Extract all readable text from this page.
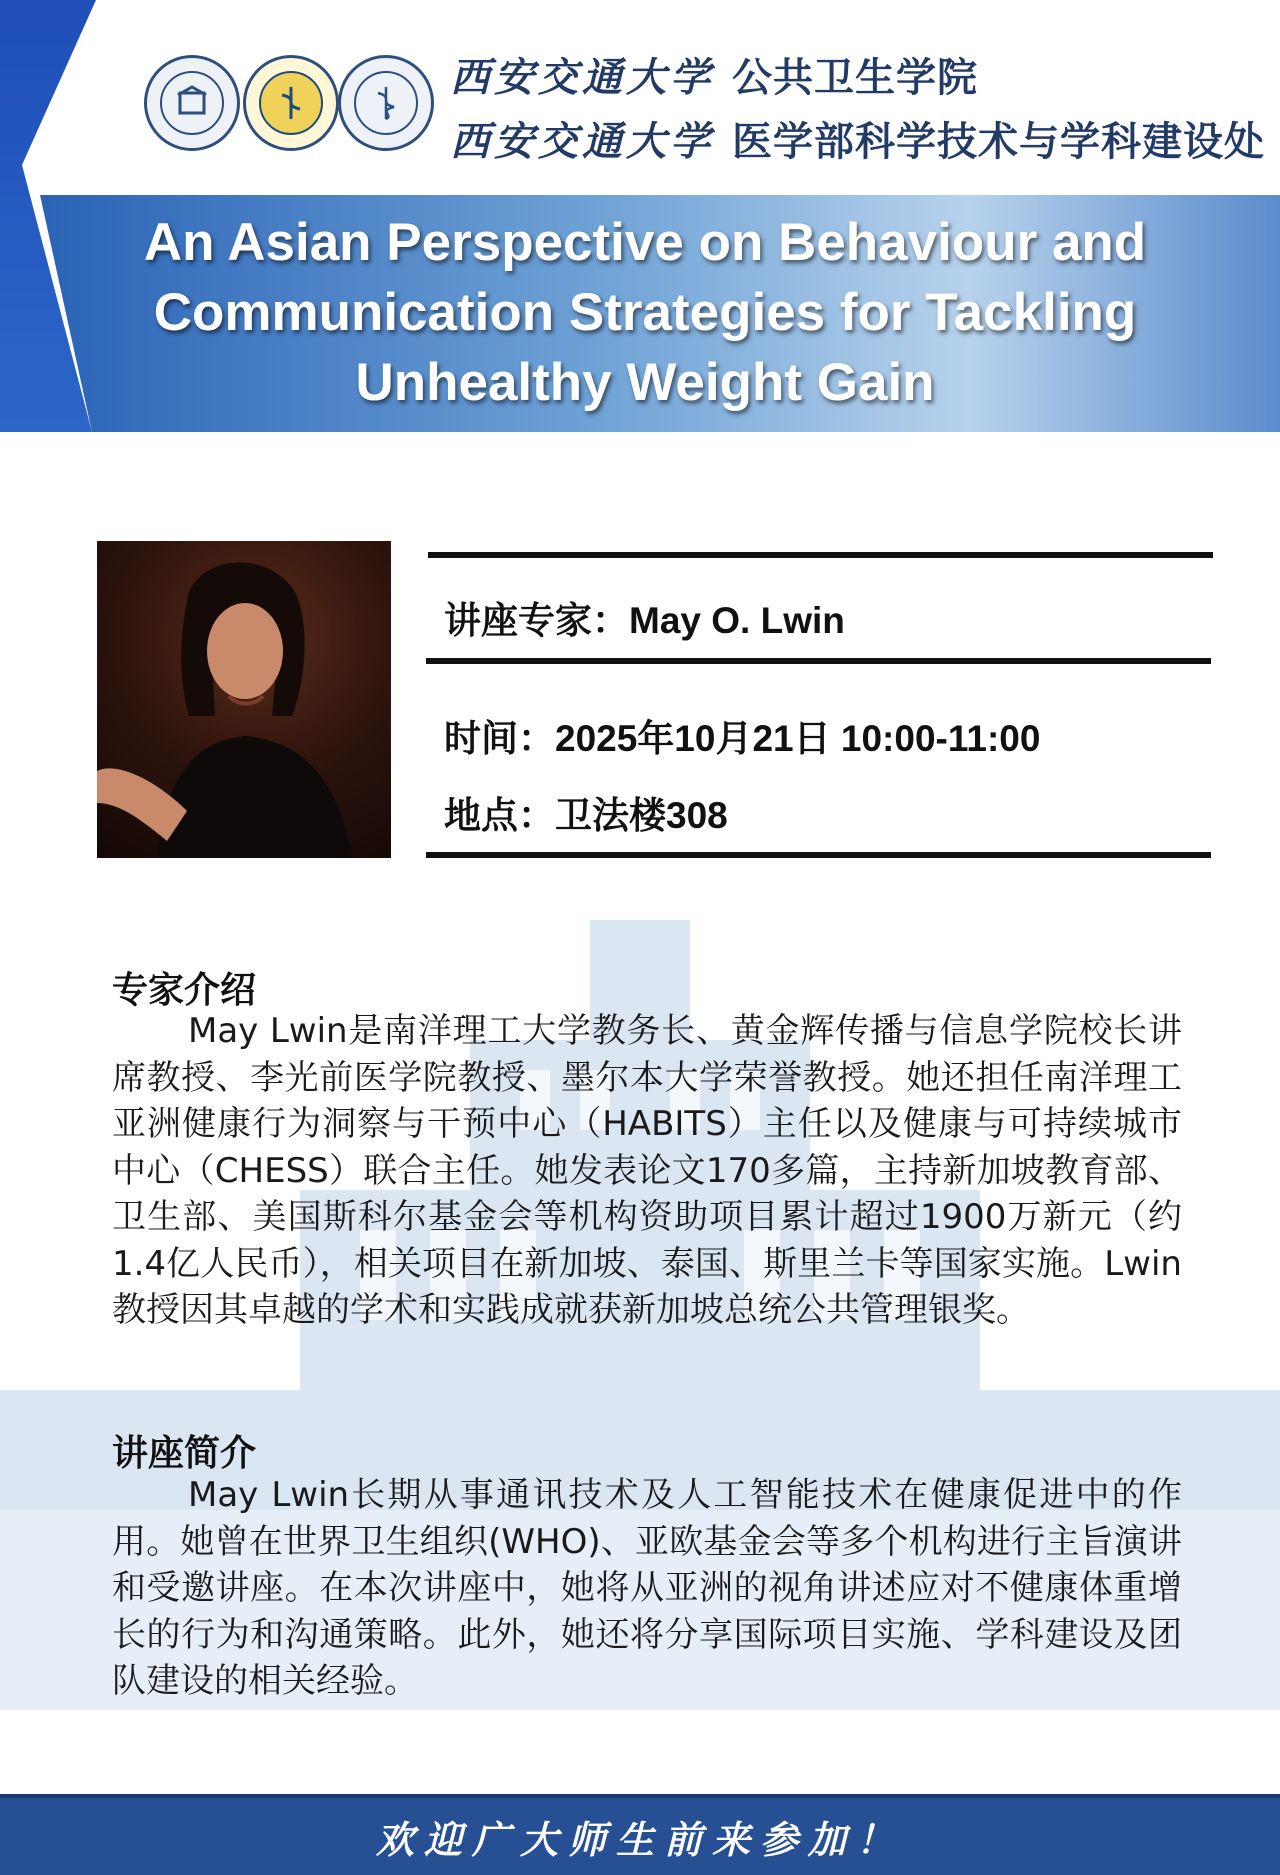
西安交通大学 公共卫生学院
西安交通大学 医学部科学技术与学科建设处
An Asian Perspective on Behaviour and
Communication Strategies for Tackling
Unhealthy Weight Gain
讲座专家：May O. Lwin
时间：2025年10月21日 10:00-11:00
地点：卫法楼308
专家介绍
May Lwin是南洋理工大学教务长、黄金辉传播与信息学院校长讲席教授、李光前医学院教授、墨尔本大学荣誉教授。她还担任南洋理工亚洲健康行为洞察与干预中心（HABITS）主任以及健康与可持续城市中心（CHESS）联合主任。她发表论文170多篇，主持新加坡教育部、卫生部、美国斯科尔基金会等机构资助项目累计超过1900万新元（约1.4亿人民币），相关项目在新加坡、泰国、斯里兰卡等国家实施。Lwin教授因其卓越的学术和实践成就获新加坡总统公共管理银奖。
讲座简介
May Lwin长期从事通讯技术及人工智能技术在健康促进中的作用。她曾在世界卫生组织(WHO)、亚欧基金会等多个机构进行主旨演讲和受邀讲座。在本次讲座中，她将从亚洲的视角讲述应对不健康体重增长的行为和沟通策略。此外，她还将分享国际项目实施、学科建设及团队建设的相关经验。
欢迎广大师生前来参加！
